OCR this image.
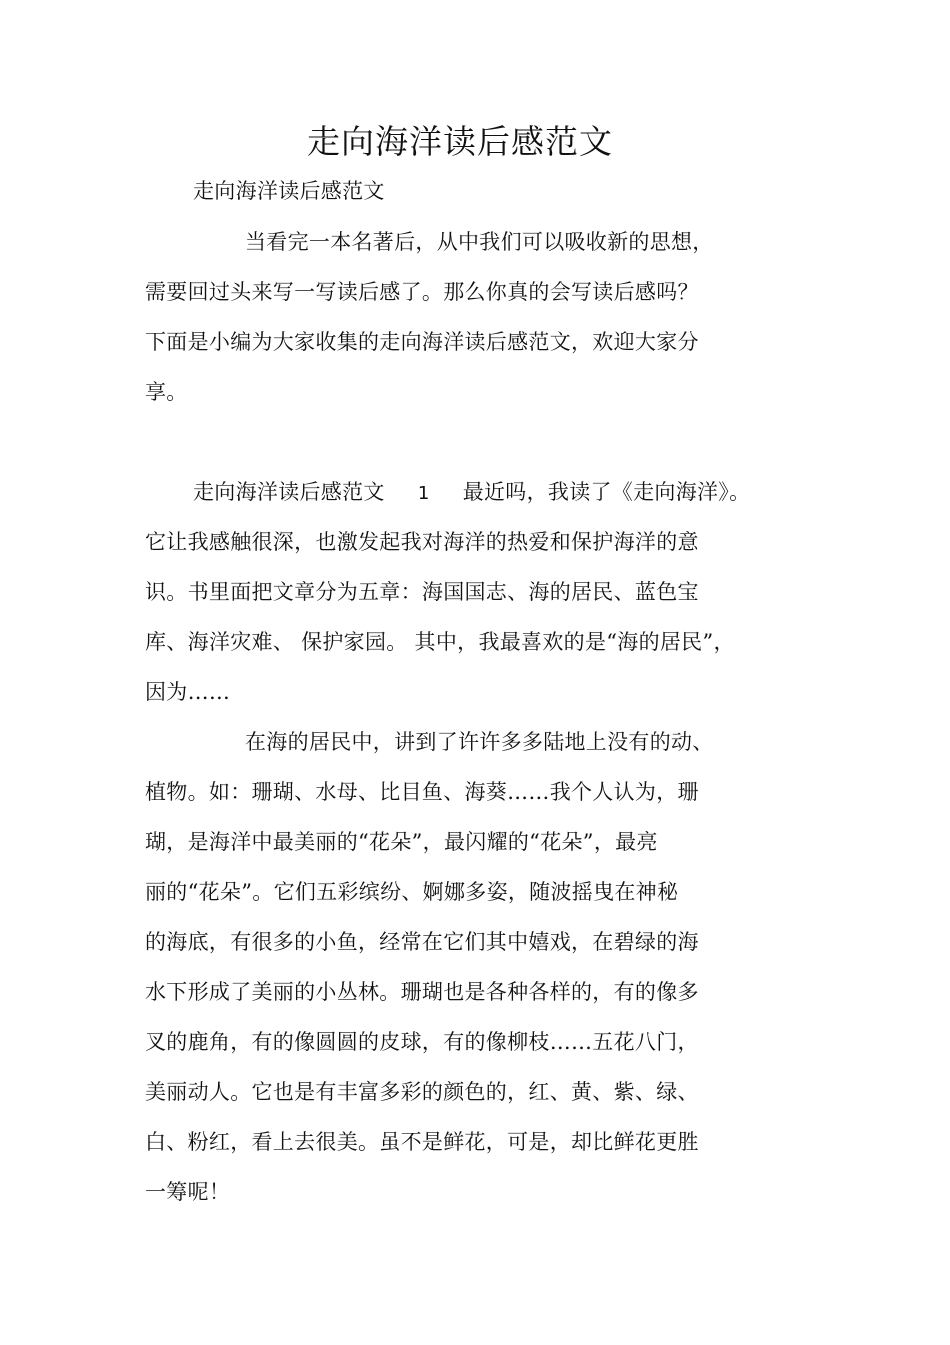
走向海洋读后感范文
走向海洋读后感范文
当看完一本名著后，从中我们可以吸收新的思想，
需要回过头来写一写读后感了。那么你真的会写读后感吗？
下面是小编为大家收集的走向海洋读后感范文，欢迎大家分
享。
走向海洋读后感范文 1 最近吗，我读了《走向海洋》。
它让我感触很深，也激发起我对海洋的热爱和保护海洋的意
识。书里面把文章分为五章：海国国志、海的居民、蓝色宝
库、海洋灾难、 保护家园。 其中，我最喜欢的是“海的居民”，
因为……
在海的居民中，讲到了许许多多陆地上没有的动、
植物。如：珊瑚、水母、比目鱼、海葵……我个人认为，珊
瑚，是海洋中最美丽的“花朵”，最闪耀的“花朵”，最亮
丽的“花朵”。它们五彩缤纷、婀娜多姿，随波摇曳在神秘
的海底，有很多的小鱼，经常在它们其中嬉戏，在碧绿的海
水下形成了美丽的小丛林。珊瑚也是各种各样的，有的像多
叉的鹿角，有的像圆圆的皮球，有的像柳枝……五花八门，
美丽动人。它也是有丰富多彩的颜色的，红、黄、紫、绿、
白、粉红，看上去很美。虽不是鲜花，可是，却比鲜花更胜
一筹呢！
